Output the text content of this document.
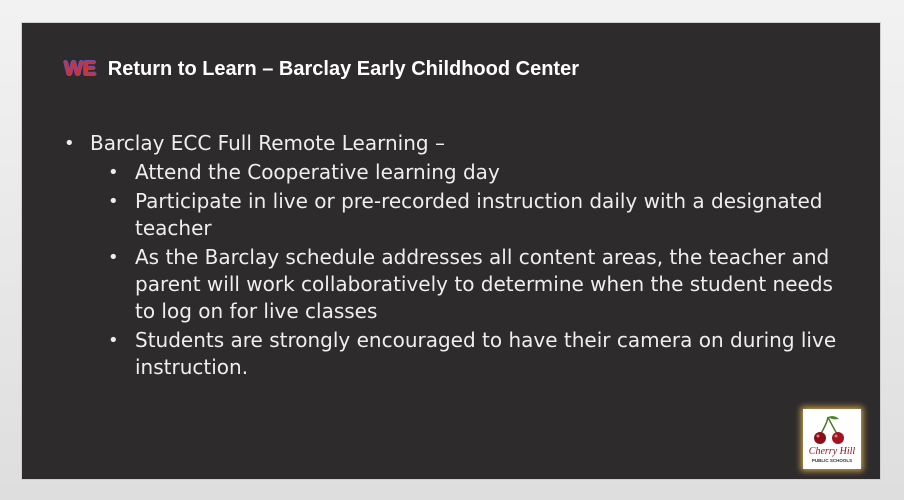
WE Return to Learn – Barclay Early Childhood Center
• Barclay ECC Full Remote Learning –
• Attend the Cooperative learning day
• Participate in live or pre-recorded instruction daily with a designated teacher
• As the Barclay schedule addresses all content areas, the teacher and parent will work collaboratively to determine when the student needs to log on for live classes
• Students are strongly encouraged to have their camera on during live instruction.
Cherry Hill
PUBLIC SCHOOLS
